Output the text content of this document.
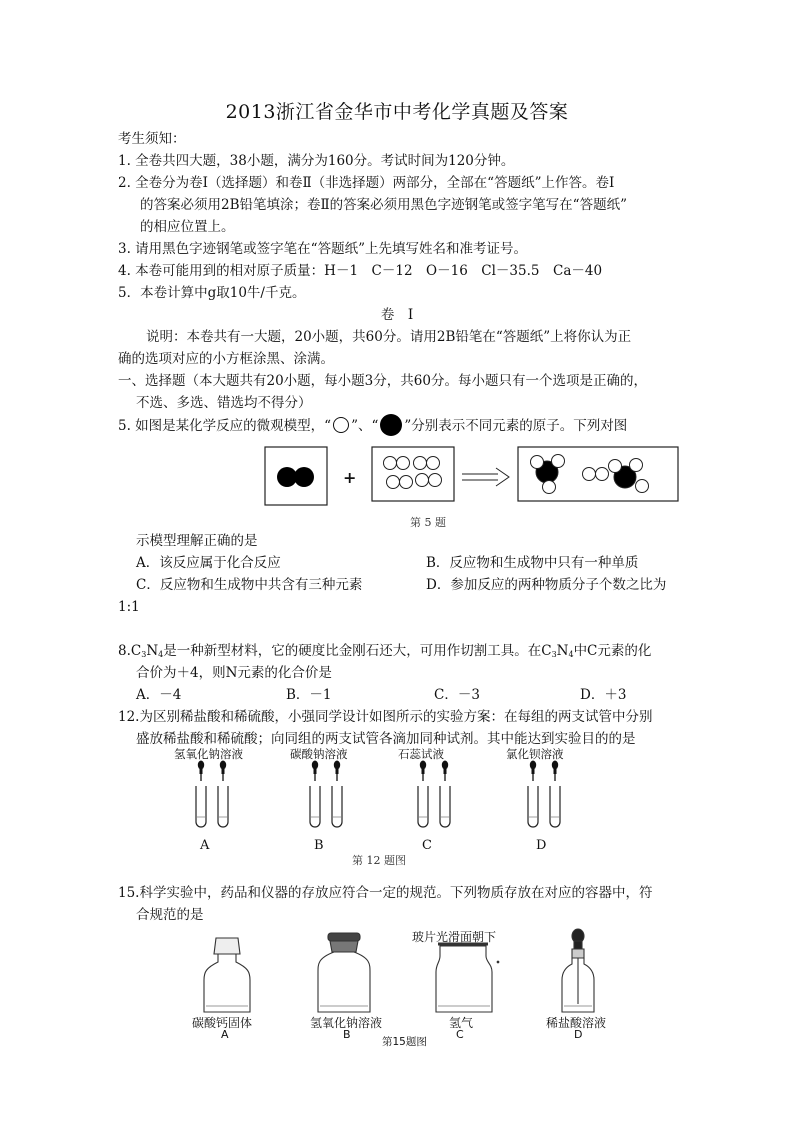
2013浙江省金华市中考化学真题及答案
考生须知：
1. 全卷共四大题，38小题，满分为160分。考试时间为120分钟。
2. 全卷分为卷Ⅰ（选择题）和卷Ⅱ（非选择题）两部分，全部在“答题纸”上作答。卷Ⅰ
的答案必须用2B铅笔填涂；卷Ⅱ的答案必须用黑色字迹钢笔或签字笔写在“答题纸”
的相应位置上。
3. 请用黑色字迹钢笔或签字笔在“答题纸”上先填写姓名和准考证号。
4. 本卷可能用到的相对原子质量：H－1　C－12　O－16　Cl－35.5　Ca－40
5．本卷计算中g取10牛/千克。
卷　Ⅰ
说明：本卷共有一大题，20小题，共60分。请用2B铅笔在“答题纸”上将你认为正
确的选项对应的小方框涂黑、涂满。
一、选择题（本大题共有20小题，每小题3分，共60分。每小题只有一个选项是正确的，
不选、多选、错选均不得分）
5. 如图是某化学反应的微观模型，“ ”、“ ”分别表示不同元素的原子。下列对图
+
第 5 题
示模型理解正确的是
A．该反应属于化合反应	B．反应物和生成物中只有一种单质
C．反应物和生成物中共含有三种元素	D．参加反应的两种物质分子个数之比为
1:1
$8.C_3N_4$是一种新型材料，它的硬度比金刚石还大，可用作切割工具。在$C_3N_4$中C元素的化
合价为＋4，则N元素的化合价是
A．－4	B．－1	C．－3	D．＋3
12.为区别稀盐酸和稀硫酸，小强同学设计如图所示的实验方案：在每组的两支试管中分别
盛放稀盐酸和稀硫酸；向同组的两支试管各滴加同种试剂。其中能达到实验目的的是
氢氧化钠溶液	碳酸钠溶液	石蕊试液	氯化钡溶液
A	B	C	D
第 12 题图
15.科学实验中，药品和仪器的存放应符合一定的规范。下列物质存放在对应的容器中，符
合规范的是
玻片光滑面朝下
碳酸钙固体	氢氧化钠溶液	氢气	稀盐酸溶液
A	B	C	D
第15题图
